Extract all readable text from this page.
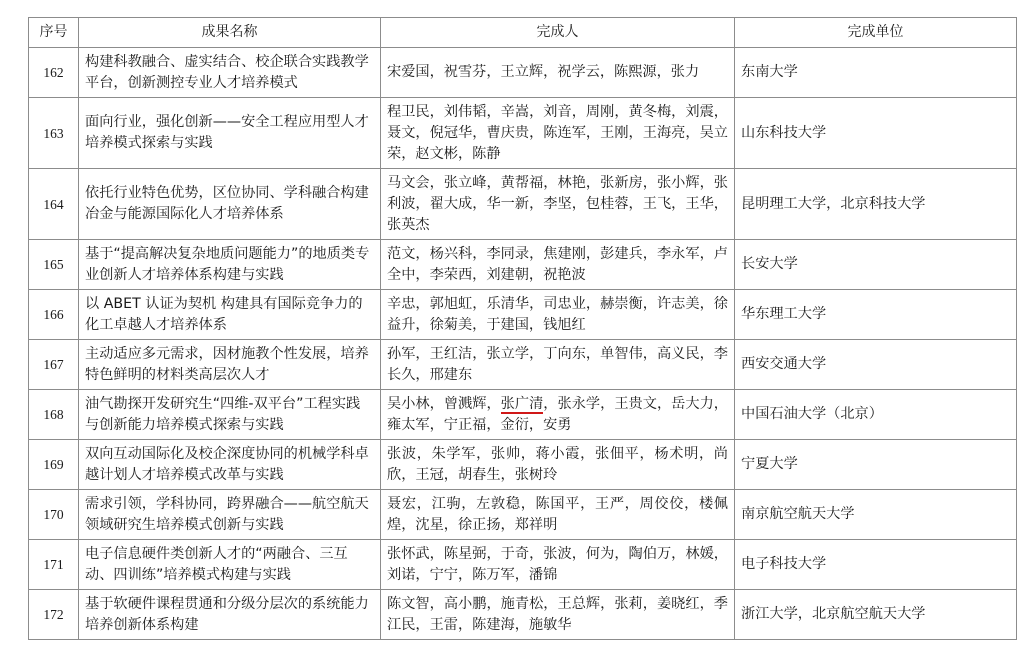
序号	成果名称	完成人	完成单位
162	构建科教融合、虚实结合、校企联合实践教学平台，创新测控专业人才培养模式	宋爱国，祝雪芬，王立辉，祝学云，陈熙源，张力	东南大学

163	面向行业，强化创新——安全工程应用型人才培养模式探索与实践	程卫民，刘伟韬，辛嵩，刘音，周刚，黄冬梅，刘震，聂文，倪冠华，曹庆贵，陈连军，王刚，王海亮，吴立荣，赵文彬，陈静	山东科技大学

164	依托行业特色优势，区位协同、学科融合构建冶金与能源国际化人才培养体系	马文会，张立峰，黄帮福，林艳，张新房，张小辉，张利波，翟大成，华一新，李坚，包桂蓉，王飞，王华，张英杰	昆明理工大学，北京科技大学

165	基于“提高解决复杂地质问题能力”的地质类专业创新人才培养体系构建与实践	范文，杨兴科，李同录，焦建刚，彭建兵，李永军，卢全中，李荣西，刘建朝，祝艳波	长安大学

166	以 ABET 认证为契机 构建具有国际竞争力的化工卓越人才培养体系	辛忠，郭旭虹，乐清华，司忠业，赫崇衡，许志美，徐益升，徐菊美，于建国，钱旭红	华东理工大学

167	主动适应多元需求，因材施教个性发展，培养特色鲜明的材料类高层次人才	孙军，王红洁，张立学，丁向东，单智伟，高义民，李长久，邢建东	西安交通大学

168	油气勘探开发研究生“四维-双平台”工程实践与创新能力培养模式探索与实践	吴小林，曾溅辉，张广清，张永学，王贵文，岳大力，雍太军，宁正福，金衍，安勇	中国石油大学（北京）

169	双向互动国际化及校企深度协同的机械学科卓越计划人才培养模式改革与实践	张波，朱学军，张帅，蒋小霞，张佃平，杨术明，尚欣，王冠，胡春生，张树玲	宁夏大学

170	需求引领，学科协同，跨界融合——航空航天领域研究生培养模式创新与实践	聂宏，江驹，左敦稳，陈国平，王严，周佼佼，楼佩煌，沈星，徐正扬，郑祥明	南京航空航天大学

171	电子信息硬件类创新人才的“两融合、三互动、四训练”培养模式构建与实践	张怀武，陈星弼，于奇，张波，何为，陶伯万，林媛，刘诺，宁宁，陈万军，潘锦	电子科技大学

172	基于软硬件课程贯通和分级分层次的系统能力培养创新体系构建	陈文智，高小鹏，施青松，王总辉，张莉，姜晓红，季江民，王雷，陈建海，施敏华	浙江大学，北京航空航天大学
